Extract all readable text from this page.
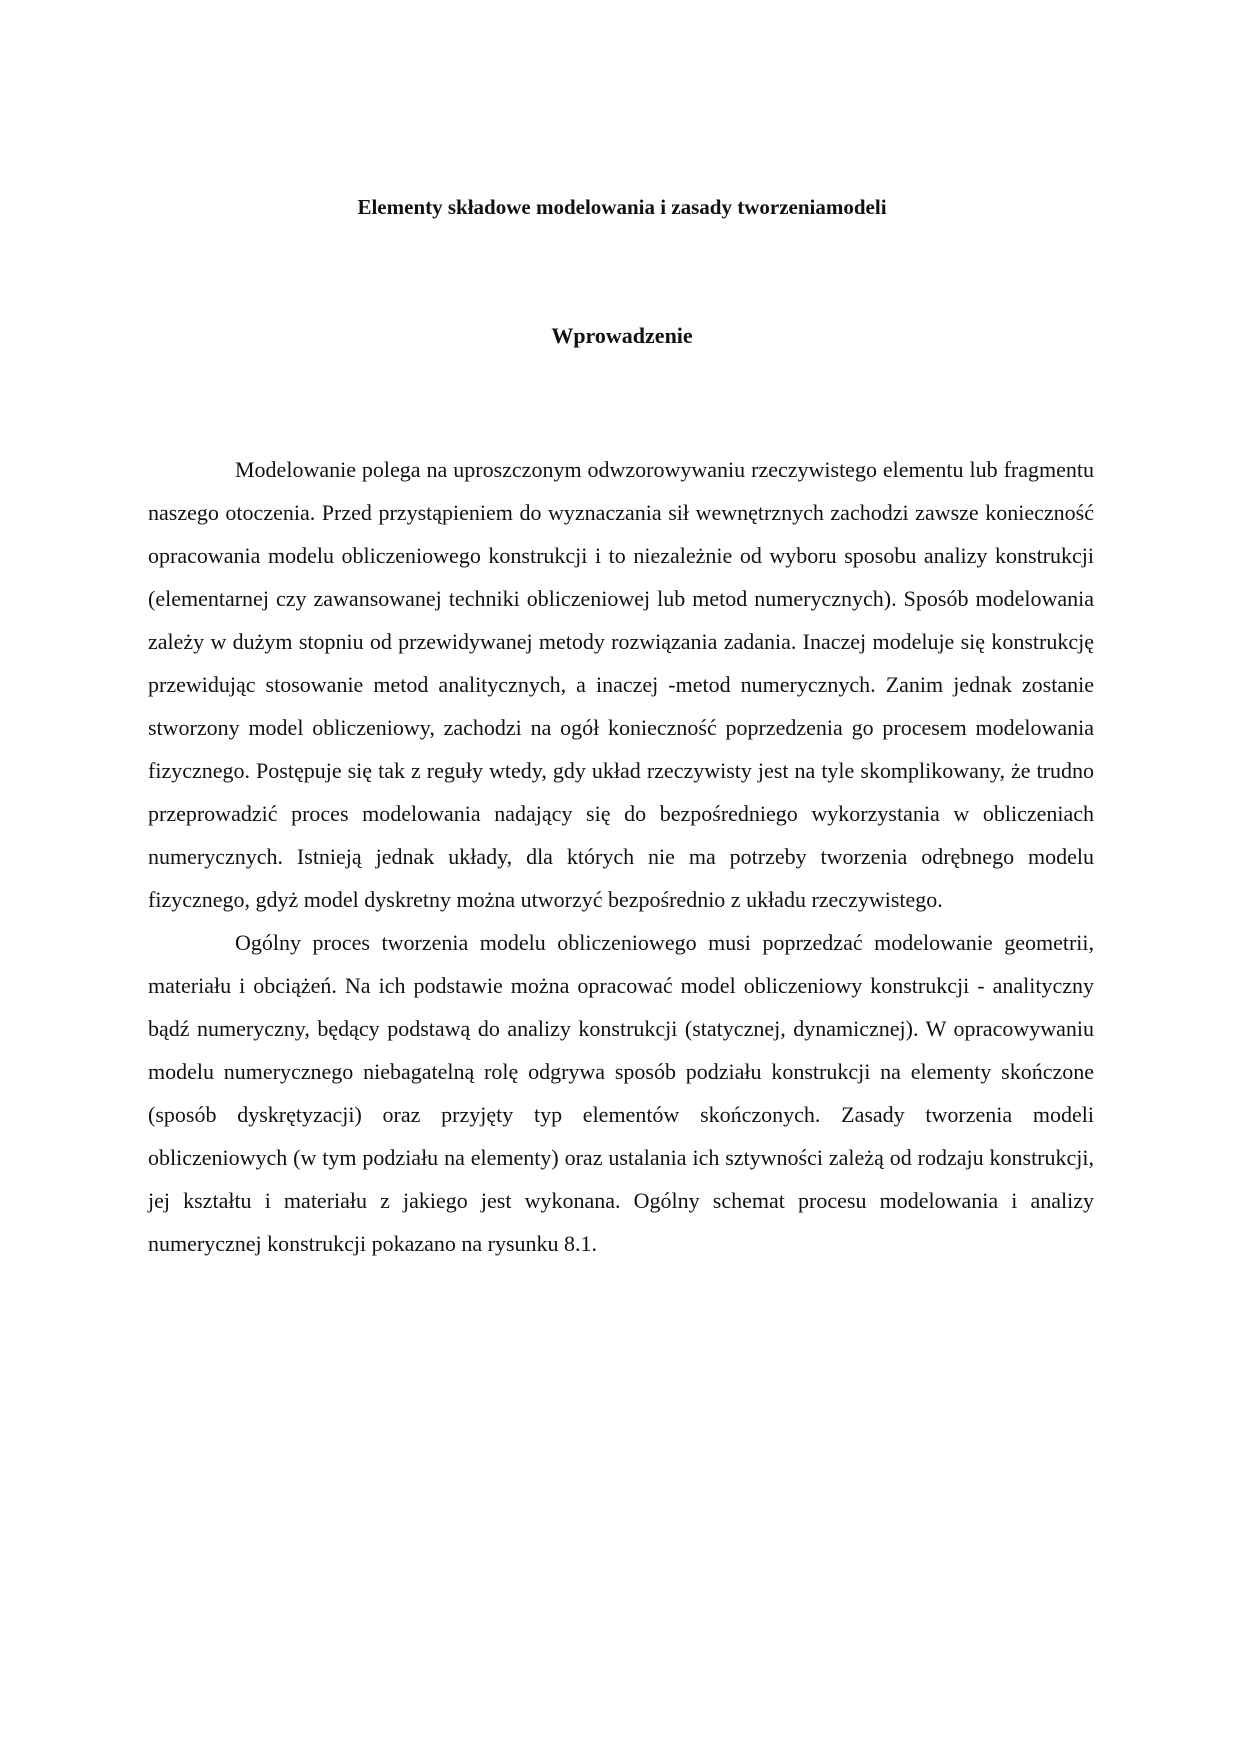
Elementy składowe modelowania i zasady tworzeniamodeli
Wprowadzenie

Modelowanie polega na uproszczonym odwzorowywaniu rzeczywistego elementu lub fragmentu naszego otoczenia. Przed przystąpieniem do wyznaczania sił wewnętrznych zachodzi zawsze konieczność opracowania modelu obliczeniowego konstrukcji i to niezależnie od wyboru sposobu analizy konstrukcji (elementarnej czy zawansowanej techniki obliczeniowej lub metod numerycznych). Sposób modelowania zależy w dużym stopniu od przewidywanej metody rozwiązania zadania. Inaczej modeluje się konstrukcję przewidując stosowanie metod analitycznych, a inaczej -metod numerycznych. Zanim jednak zostanie stworzony model obliczeniowy, zachodzi na ogół konieczność poprzedzenia go procesem modelowania fizycznego. Postępuje się tak z reguły wtedy, gdy układ rzeczywisty jest na tyle skomplikowany, że trudno przeprowadzić proces modelowania nadający się do bezpośredniego wykorzystania w obliczeniach numerycznych. Istnieją jednak układy, dla których nie ma potrzeby tworzenia odrębnego modelu fizycznego, gdyż model dyskretny można utworzyć bezpośrednio z układu rzeczywistego.

Ogólny proces tworzenia modelu obliczeniowego musi poprzedzać modelowanie geometrii, materiału i obciążeń. Na ich podstawie można opracować model obliczeniowy konstrukcji - analityczny bądź numeryczny, będący podstawą do analizy konstrukcji (statycznej, dynamicznej). W opracowywaniu modelu numerycznego niebagatelną rolę odgrywa sposób podziału konstrukcji na elementy skończone (sposób dyskrętyzacji) oraz przyjęty typ elementów skończonych. Zasady tworzenia modeli obliczeniowych (w tym podziału na elementy) oraz ustalania ich sztywności zależą od rodzaju konstrukcji, jej kształtu i materiału z jakiego jest wykonana. Ogólny schemat procesu modelowania i analizy numerycznej konstrukcji pokazano na rysunku 8.1.
